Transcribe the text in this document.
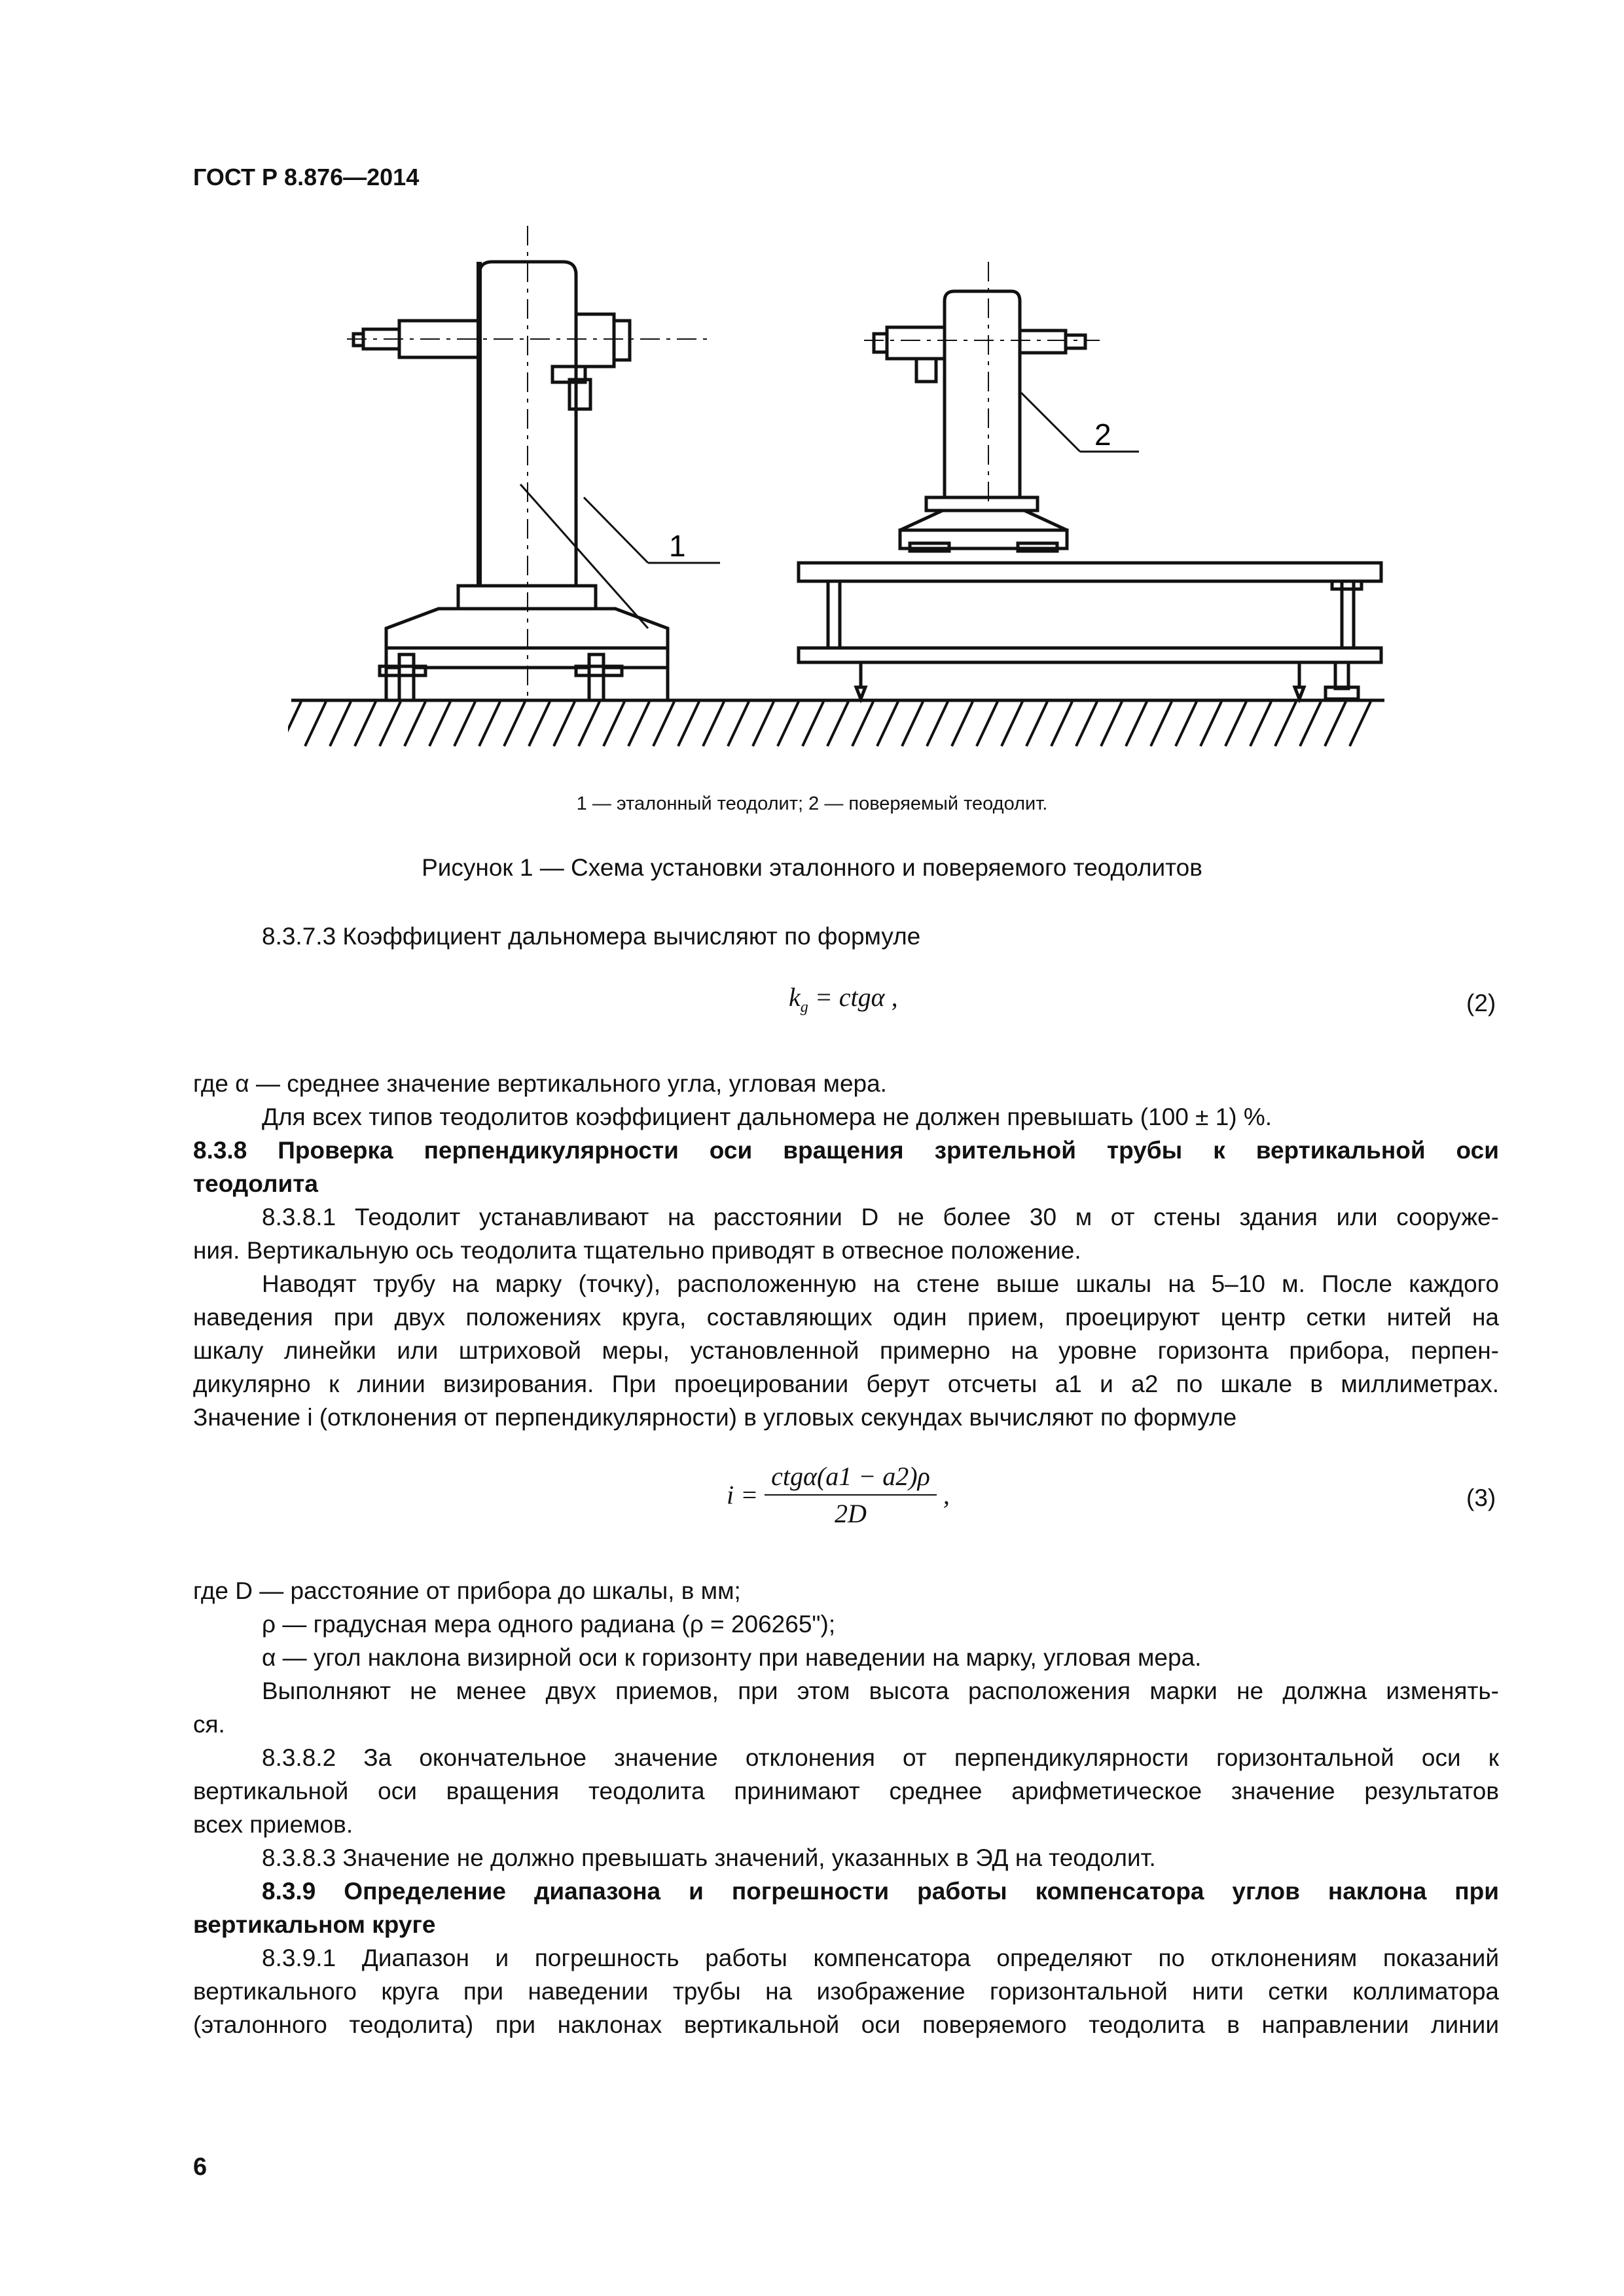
ГОСТ Р 8.876—2014
1
2
1 — эталонный теодолит; 2 — поверяемый теодолит.
Рисунок 1 — Схема установки эталонного и поверяемого теодолитов
8.3.7.3 Коэффициент дальномера вычисляют по формуле
$k_g = ctg\alpha$ ,	(2)
где α — среднее значение вертикального угла, угловая мера.
Для всех типов теодолитов коэффициент дальномера не должен превышать (100 ± 1) %.
8.3.8 Проверка перпендикулярности оси вращения зрительной трубы к вертикальной оси
теодолита
8.3.8.1 Теодолит устанавливают на расстоянии D не более 30 м от стены здания или сооруже-
ния. Вертикальную ось теодолита тщательно приводят в отвесное положение.
Наводят трубу на марку (точку), расположенную на стене выше шкалы на 5–10 м. После каждого
наведения при двух положениях круга, составляющих один прием, проецируют центр сетки нитей на
шкалу линейки или штриховой меры, установленной примерно на уровне горизонта прибора, перпен-
дикулярно к линии визирования. При проецировании берут отсчеты a1 и a2 по шкале в миллиметрах.
Значение i (отклонения от перпендикулярности) в угловых секундах вычисляют по формуле
$i = \frac{\text{ctgα(a1 − a2)ρ}}{2D}$ ,	(3)
где D — расстояние от прибора до шкалы, в мм;
ρ — градусная мера одного радиана (ρ = 206265");
α — угол наклона визирной оси к горизонту при наведении на марку, угловая мера.
Выполняют не менее двух приемов, при этом высота расположения марки не должна изменять-
ся.
8.3.8.2 За окончательное значение отклонения от перпендикулярности горизонтальной оси к
вертикальной оси вращения теодолита принимают среднее арифметическое значение результатов
всех приемов.
8.3.8.3 Значение не должно превышать значений, указанных в ЭД на теодолит.
8.3.9 Определение диапазона и погрешности работы компенсатора углов наклона при
вертикальном круге
8.3.9.1 Диапазон и погрешность работы компенсатора определяют по отклонениям показаний
вертикального круга при наведении трубы на изображение горизонтальной нити сетки коллиматора
(эталонного теодолита) при наклонах вертикальной оси поверяемого теодолита в направлении линии
6
